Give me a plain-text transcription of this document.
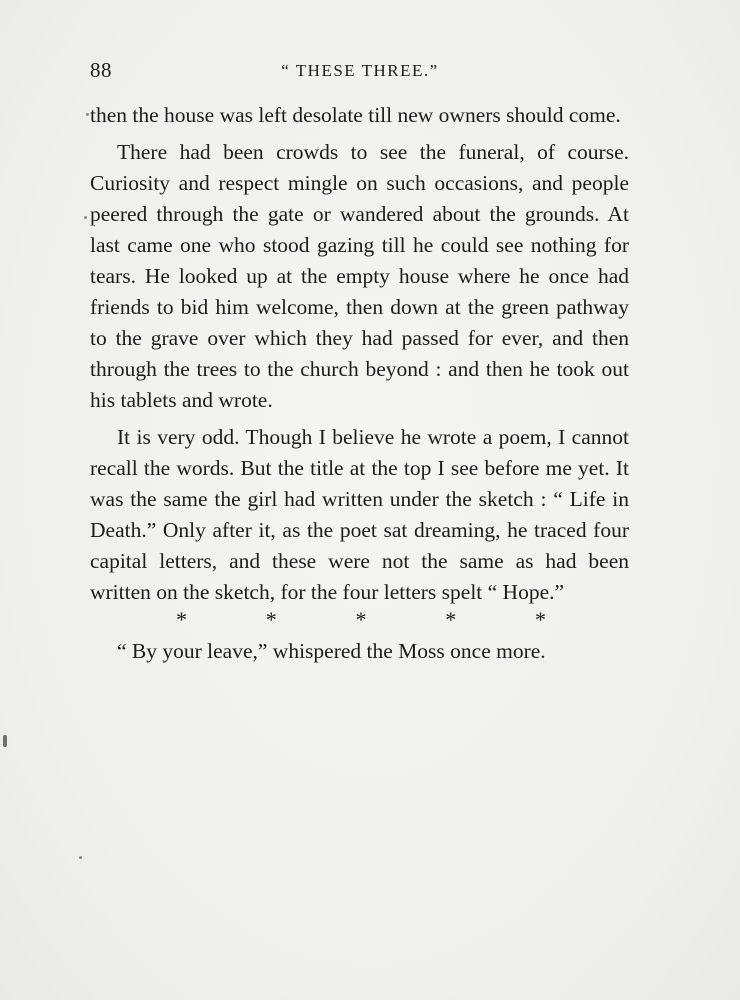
88	“ THESE THREE.”

then the house was left desolate till new owners should come.

There had been crowds to see the funeral, of course. Curiosity and respect mingle on such occasions, and people peered through the gate or wandered about the grounds. At last came one who stood gazing till he could see nothing for tears. He looked up at the empty house where he once had friends to bid him welcome, then down at the green pathway to the grave over which they had passed for ever, and then through the trees to the church beyond : and then he took out his tablets and wrote.

It is very odd. Though I believe he wrote a poem, I cannot recall the words. But the title at the top I see before me yet. It was the same the girl had written under the sketch : “ Life in Death.” Only after it, as the poet sat dreaming, he traced four capital letters, and these were not the same as had been written on the sketch, for the four letters spelt “ Hope.”

*	*	*	*	*

“ By your leave,” whispered the Moss once more.
